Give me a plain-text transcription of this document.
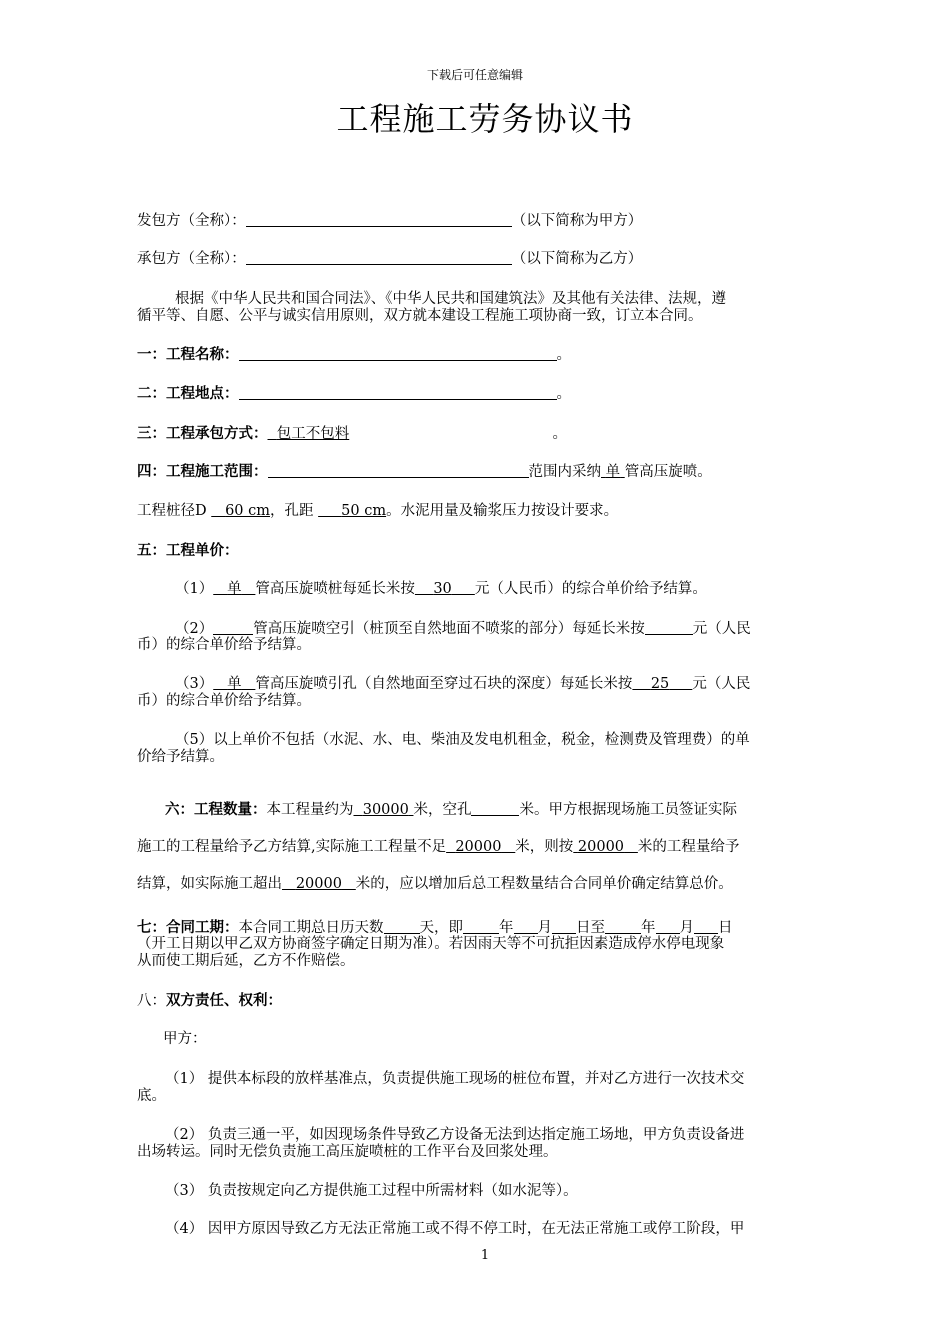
下载后可任意编辑
工程施工劳务协议书
发包方（全称）：	（以下简称为甲方）
承包方（全称）：	（以下简称为乙方）
根据《中华人民共和国合同法》、《中华人民共和国建筑法》及其他有关法律、法规，遵
循平等、自愿、公平与诚实信用原则，双方就本建设工程施工项协商一致，订立本合同。
一：工程名称：	。
二：工程地点：	。
三：工程承包方式： 包工不包料	。
四：工程施工范围：	范围内采纳 单 管高压旋喷。
工程桩径D 60 cm，孔距 50 cm。水泥用量及输浆压力按设计要求。
五：工程单价：
（1） 单 管高压旋喷桩每延长米按 30 元（人民币）的综合单价给予结算。
（2）	管高压旋喷空引（桩顶至自然地面不喷浆的部分）每延长米按	元（人民
币）的综合单价给予结算。
（3） 单 管高压旋喷引孔（自然地面至穿过石块的深度）每延长米按 25 元（人民
币）的综合单价给予结算。
（5）以上单价不包括（水泥、水、电、柴油及发电机租金，税金，检测费及管理费）的单
价给予结算。
六：工程数量：本工程量约为 30000 米，空孔	米。甲方根据现场施工员签证实际
施工的工程量给予乙方结算,实际施工工程量不足 20000 米，则按 20000 米的工程量给予
结算，如实际施工超出 20000 米的，应以增加后总工程数量结合合同单价确定结算总价。
七：合同工期：本合同工期总日历天数 天，即 年 月 日至 年 月 日
（开工日期以甲乙双方协商签字确定日期为准）。若因雨天等不可抗拒因素造成停水停电现象
从而使工期后延，乙方不作赔偿。
八：双方责任、权利：
甲方：
（1） 提供本标段的放样基准点，负责提供施工现场的桩位布置，并对乙方进行一次技术交
底。
（2） 负责三通一平，如因现场条件导致乙方设备无法到达指定施工场地，甲方负责设备进
出场转运。同时无偿负责施工高压旋喷桩的工作平台及回浆处理。
（3） 负责按规定向乙方提供施工过程中所需材料（如水泥等）。
（4） 因甲方原因导致乙方无法正常施工或不得不停工时，在无法正常施工或停工阶段，甲
1
